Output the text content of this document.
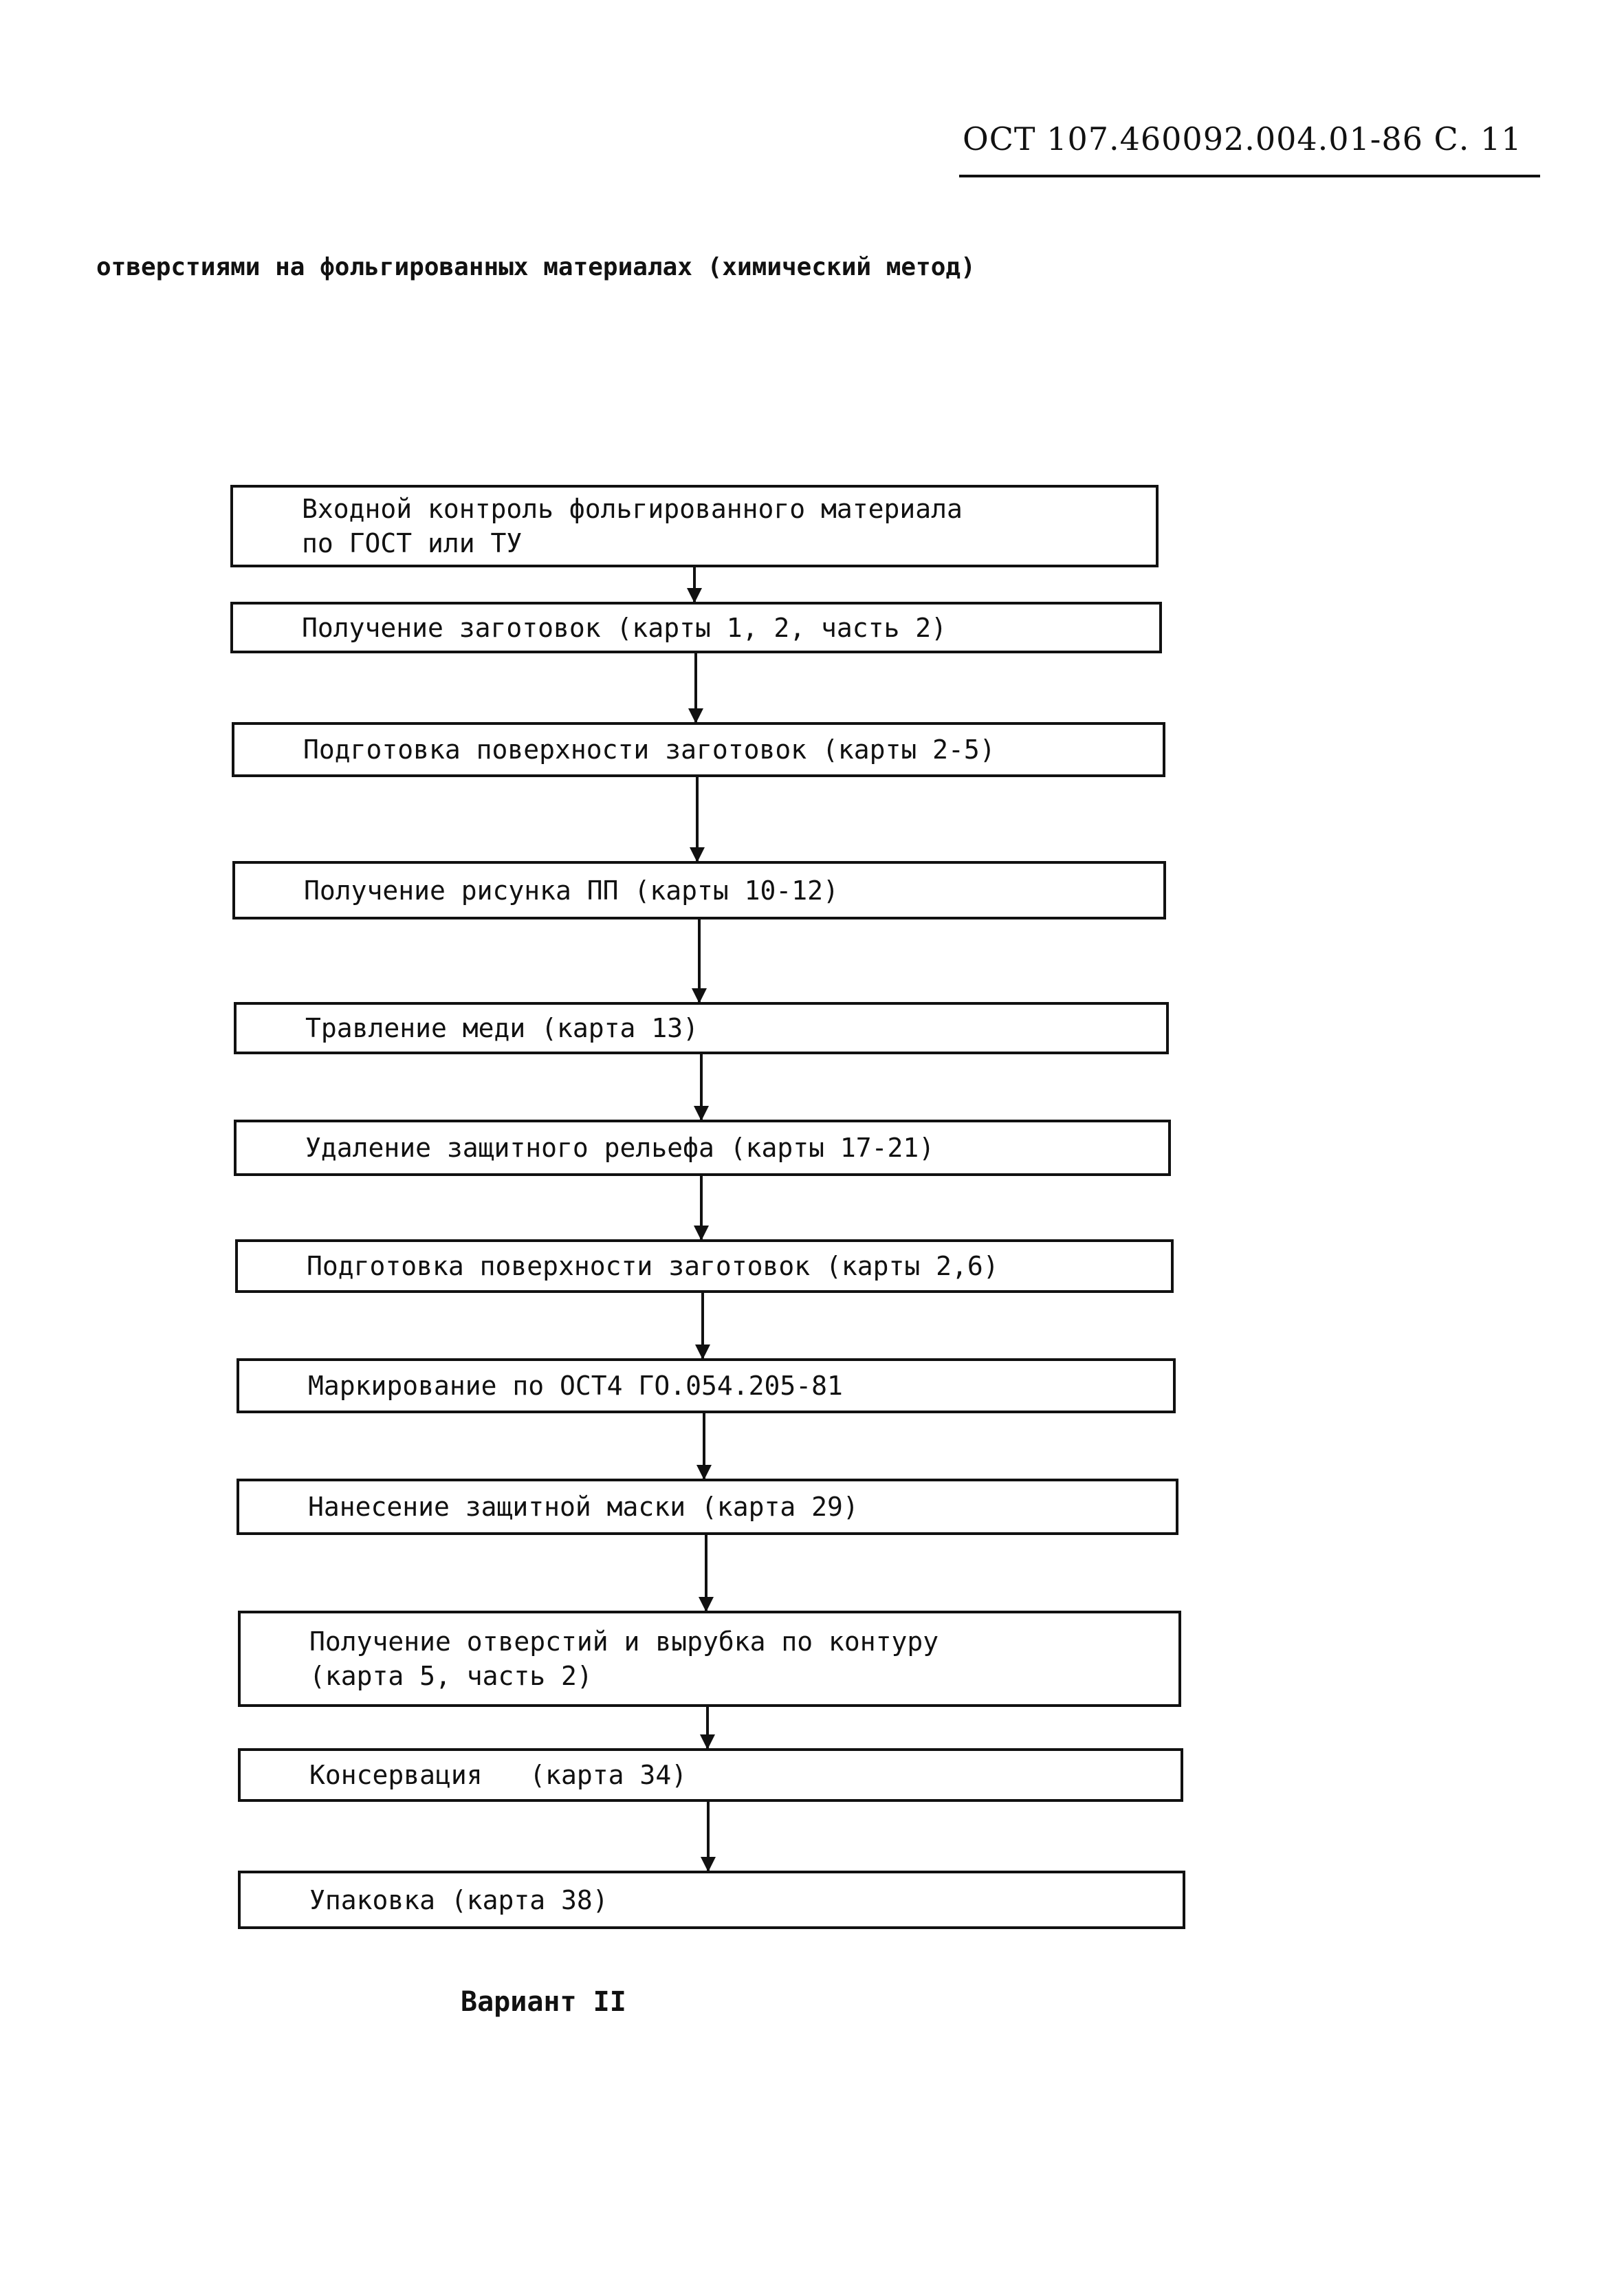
ОСТ 107.460092.004.01-86 С. 11
отверстиями на фольгированных материалах (химический метод)
Входной контроль фольгированного материала
по ГОСТ или ТУ
Получение заготовок (карты 1, 2, часть 2)
Подготовка поверхности заготовок (карты 2-5)
Получение рисунка ПП (карты 10-12)
Травление меди (карта 13)
Удаление защитного рельефа (карты 17-21)
Подготовка поверхности заготовок (карты 2,6)
Маркирование по ОСТ4 ГО.054.205-81
Нанесение защитной маски (карта 29)
Получение отверстий и вырубка по контуру
(карта 5, часть 2)
Консервация   (карта 34)
Упаковка (карта 38)
Вариант II
